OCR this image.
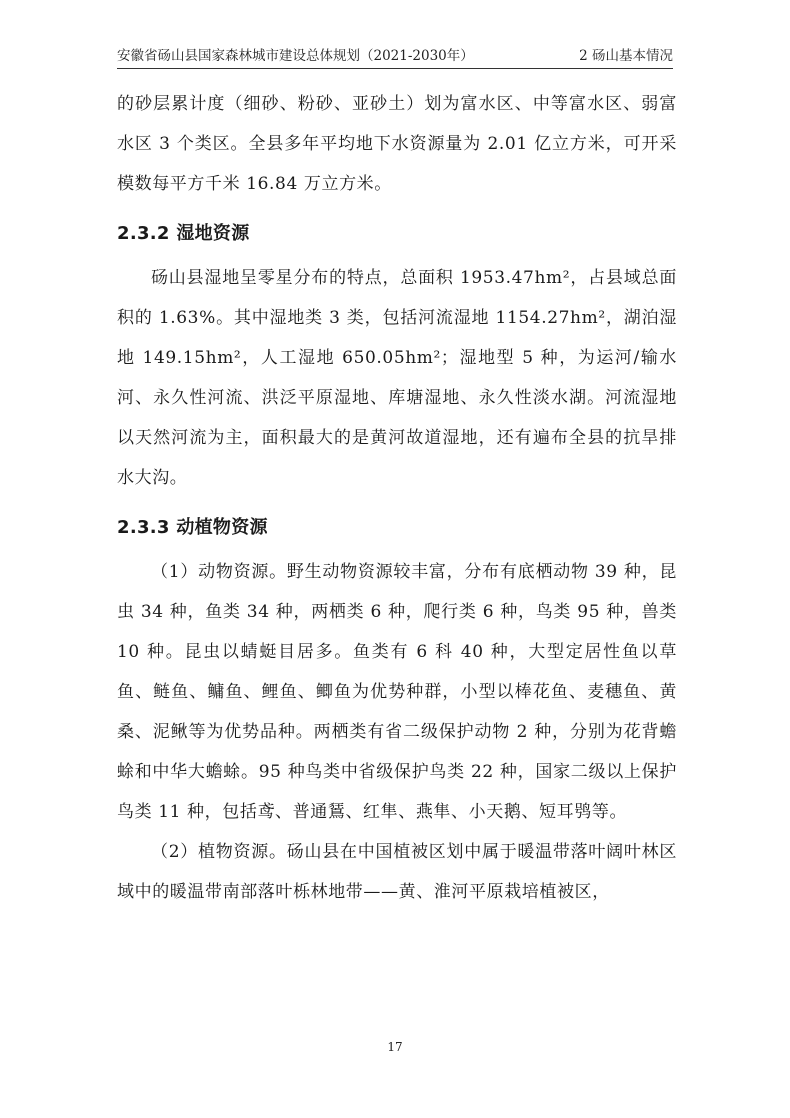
安徽省砀山县国家森林城市建设总体规划（2021-2030年）	2 砀山基本情况

的砂层累计度（细砂、粉砂、亚砂土）划为富水区、中等富水区、弱富水区 3 个类区。全县多年平均地下水资源量为 2.01 亿立方米，可开采模数每平方千米 16.84 万立方米。

2.3.2 湿地资源

砀山县湿地呈零星分布的特点，总面积 1953.47hm²，占县域总面积的 1.63%。其中湿地类 3 类，包括河流湿地 1154.27hm²，湖泊湿地 149.15hm²，人工湿地 650.05hm²；湿地型 5 种，为运河/输水河、永久性河流、洪泛平原湿地、库塘湿地、永久性淡水湖。河流湿地以天然河流为主，面积最大的是黄河故道湿地，还有遍布全县的抗旱排水大沟。

2.3.3 动植物资源

（1）动物资源。野生动物资源较丰富，分布有底栖动物 39 种，昆虫 34 种，鱼类 34 种，两栖类 6 种，爬行类 6 种，鸟类 95 种，兽类 10 种。昆虫以蜻蜓目居多。鱼类有 6 科 40 种，大型定居性鱼以草鱼、鲢鱼、鳙鱼、鲤鱼、鲫鱼为优势种群，小型以棒花鱼、麦穗鱼、黄桑、泥鳅等为优势品种。两栖类有省二级保护动物 2 种，分别为花背蟾蜍和中华大蟾蜍。95 种鸟类中省级保护鸟类 22 种，国家二级以上保护鸟类 11 种，包括鸢、普通鵟、红隼、燕隼、小天鹅、短耳鸮等。

（2）植物资源。砀山县在中国植被区划中属于暖温带落叶阔叶林区域中的暖温带南部落叶栎林地带——黄、淮河平原栽培植被区，

17
